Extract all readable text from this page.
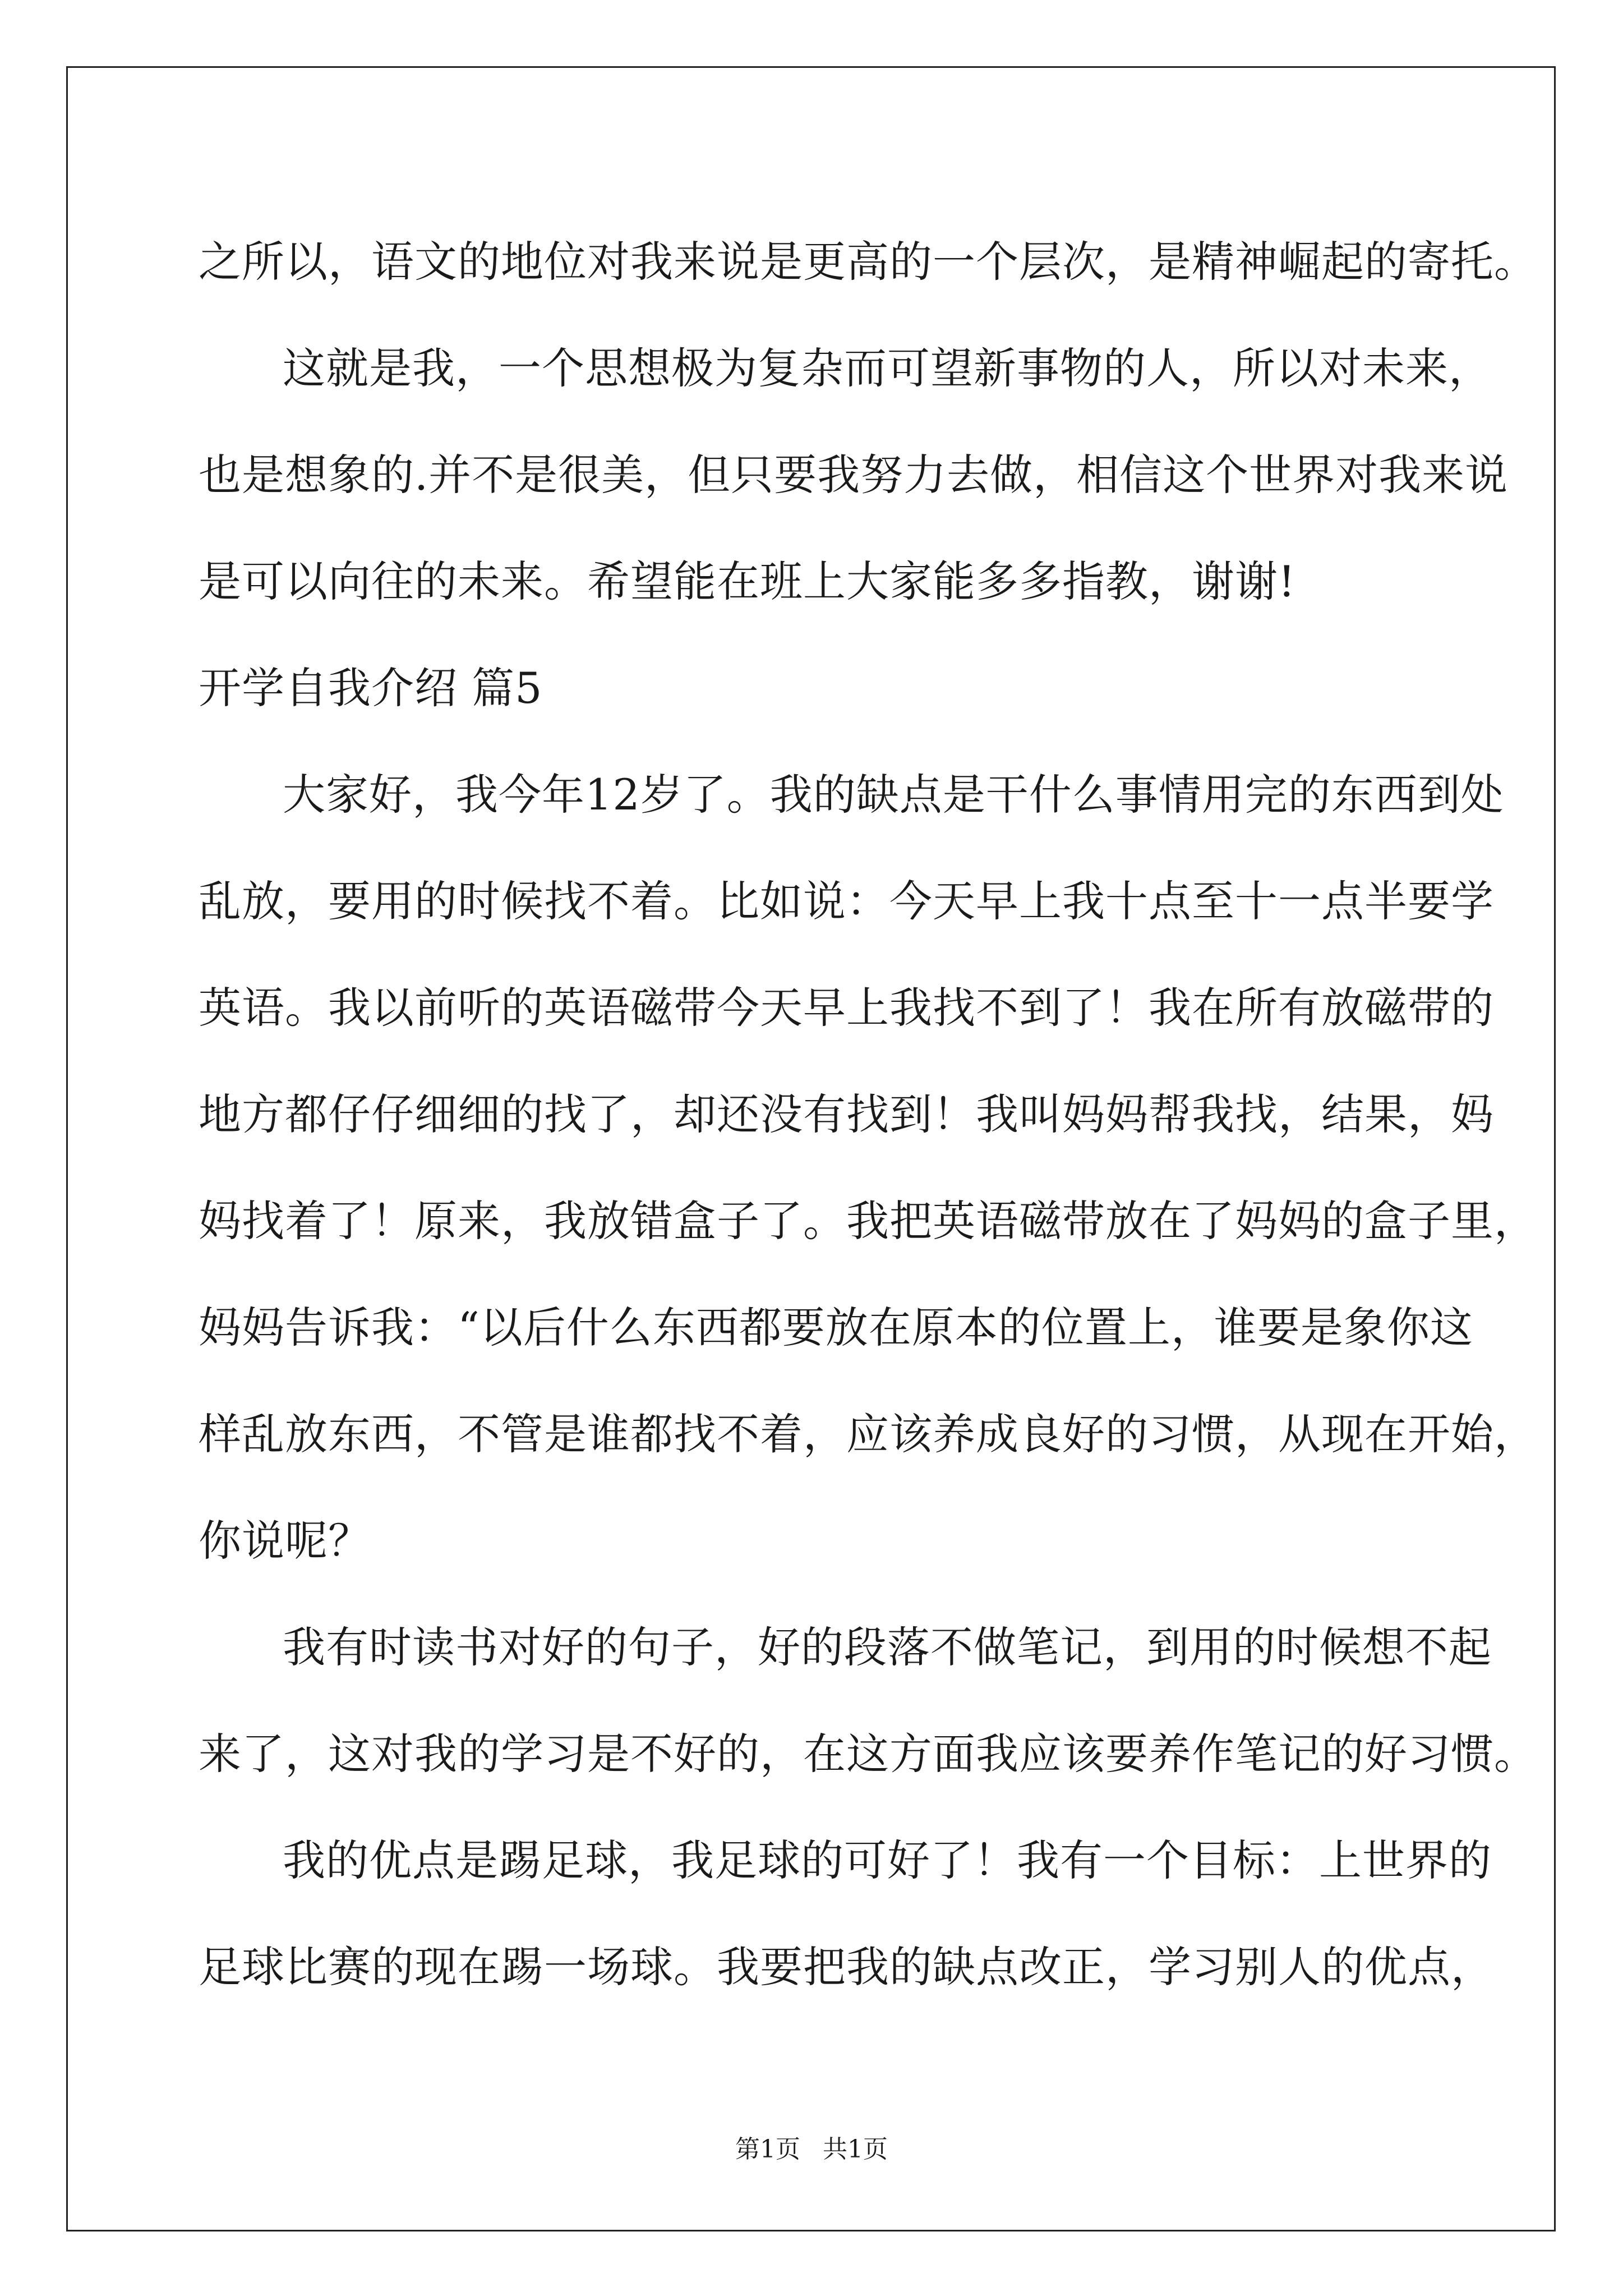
之所以，语文的地位对我来说是更高的一个层次，是精神崛起的寄托。
这就是我，一个思想极为复杂而可望新事物的人，所以对未来，
也是想象的.并不是很美，但只要我努力去做，相信这个世界对我来说
是可以向往的未来。希望能在班上大家能多多指教，谢谢!
开学自我介绍 篇5
大家好，我今年12岁了。我的缺点是干什么事情用完的东西到处
乱放，要用的时候找不着。比如说：今天早上我十点至十一点半要学
英语。我以前听的英语磁带今天早上我找不到了！我在所有放磁带的
地方都仔仔细细的找了，却还没有找到！我叫妈妈帮我找，结果，妈
妈找着了！原来，我放错盒子了。我把英语磁带放在了妈妈的盒子里，
妈妈告诉我：“以后什么东西都要放在原本的位置上，谁要是象你这
样乱放东西，不管是谁都找不着，应该养成良好的习惯，从现在开始，
你说呢？
我有时读书对好的句子，好的段落不做笔记，到用的时候想不起
来了，这对我的学习是不好的，在这方面我应该要养作笔记的好习惯。
我的优点是踢足球，我足球的可好了！我有一个目标：上世界的
足球比赛的现在踢一场球。我要把我的缺点改正，学习别人的优点，
第1页 共1页
